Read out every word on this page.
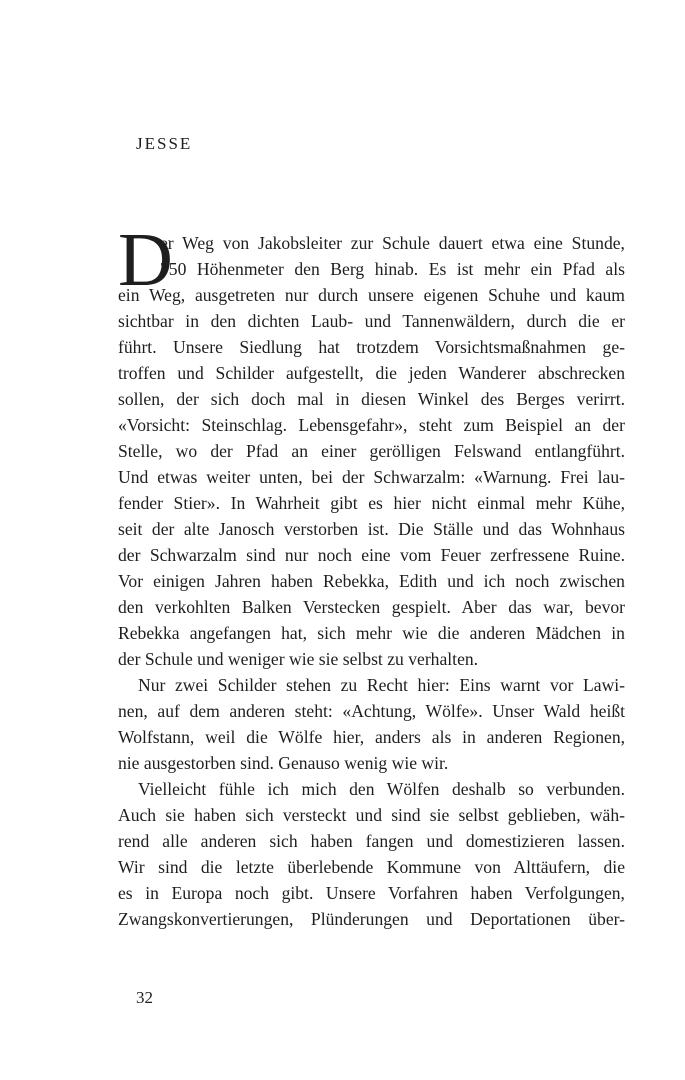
JESSE
D
er Weg von Jakobsleiter zur Schule dauert etwa eine Stunde,
750 Höhenmeter den Berg hinab. Es ist mehr ein Pfad als
ein Weg, ausgetreten nur durch unsere eigenen Schuhe und kaum
sichtbar in den dichten Laub- und Tannenwäldern, durch die er
führt. Unsere Siedlung hat trotzdem Vorsichtsmaßnahmen ge-
troffen und Schilder aufgestellt, die jeden Wanderer abschrecken
sollen, der sich doch mal in diesen Winkel des Berges verirrt.
«Vorsicht: Steinschlag. Lebensgefahr», steht zum Beispiel an der
Stelle, wo der Pfad an einer gerölligen Felswand entlangführt.
Und etwas weiter unten, bei der Schwarzalm: «Warnung. Frei lau-
fender Stier». In Wahrheit gibt es hier nicht einmal mehr Kühe,
seit der alte Janosch verstorben ist. Die Ställe und das Wohnhaus
der Schwarzalm sind nur noch eine vom Feuer zerfressene Ruine.
Vor einigen Jahren haben Rebekka, Edith und ich noch zwischen
den verkohlten Balken Verstecken gespielt. Aber das war, bevor
Rebekka angefangen hat, sich mehr wie die anderen Mädchen in
der Schule und weniger wie sie selbst zu verhalten.
Nur zwei Schilder stehen zu Recht hier: Eins warnt vor Lawi-
nen, auf dem anderen steht: «Achtung, Wölfe». Unser Wald heißt
Wolfstann, weil die Wölfe hier, anders als in anderen Regionen,
nie ausgestorben sind. Genauso wenig wie wir.
Vielleicht fühle ich mich den Wölfen deshalb so verbunden.
Auch sie haben sich versteckt und sind sie selbst geblieben, wäh-
rend alle anderen sich haben fangen und domestizieren lassen.
Wir sind die letzte überlebende Kommune von Alttäufern, die
es in Europa noch gibt. Unsere Vorfahren haben Verfolgungen,
Zwangskonvertierungen, Plünderungen und Deportationen über-
32
